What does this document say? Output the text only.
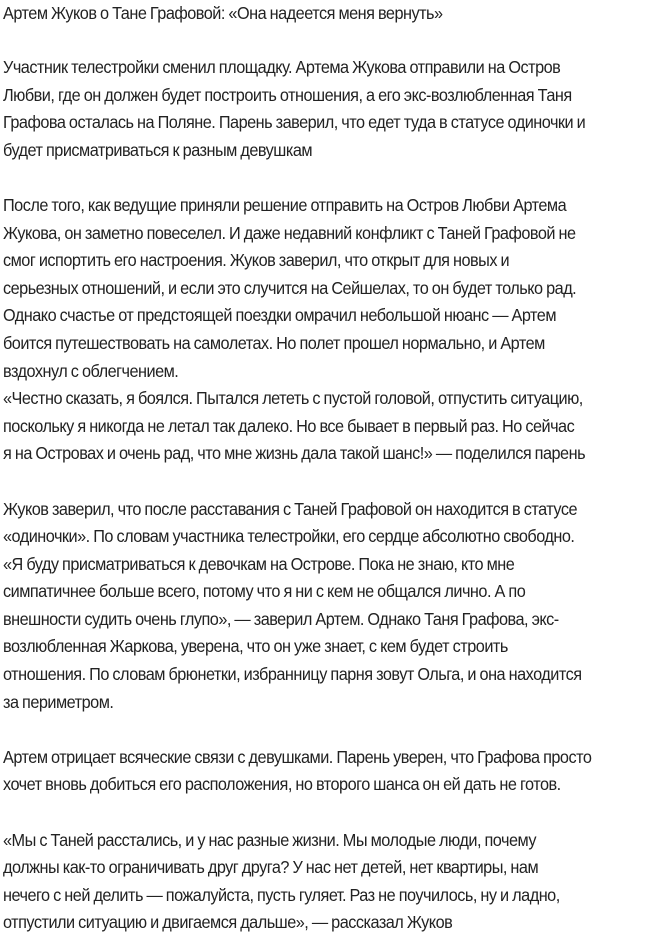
Артем Жуков о Тане Графовой: «Она надеется меня вернуть»

Участник телестройки сменил площадку. Артема Жукова отправили на Остров

Любви, где он должен будет построить отношения, а его экс-возлюбленная Таня

Графова осталась на Поляне. Парень заверил, что едет туда в статусе одиночки и

будет присматриваться к разным девушкам

После того, как ведущие приняли решение отправить на Остров Любви Артема

Жукова, он заметно повеселел. И даже недавний конфликт с Таней Графовой не

смог испортить его настроения. Жуков заверил, что открыт для новых и

серьезных отношений, и если это случится на Сейшелах, то он будет только рад.

Однако счастье от предстоящей поездки омрачил небольшой нюанс — Артем

боится путешествовать на самолетах. Но полет прошел нормально, и Артем

вздохнул с облегчением.

«Честно сказать, я боялся. Пытался лететь с пустой головой, отпустить ситуацию,

поскольку я никогда не летал так далеко. Но все бывает в первый раз. Но сейчас

я на Островах и очень рад, что мне жизнь дала такой шанс!» — поделился парень

Жуков заверил, что после расставания с Таней Графовой он находится в статусе

«одиночки». По словам участника телестройки, его сердце абсолютно свободно.

«Я буду присматриваться к девочкам на Острове. Пока не знаю, кто мне

симпатичнее больше всего, потому что я ни с кем не общался лично. А по

внешности судить очень глупо», — заверил Артем. Однако Таня Графова, экс-

возлюбленная Жаркова, уверена, что он уже знает, с кем будет строить

отношения. По словам брюнетки, избранницу парня зовут Ольга, и она находится

за периметром.

Артем отрицает всяческие связи с девушками. Парень уверен, что Графова просто

хочет вновь добиться его расположения, но второго шанса он ей дать не готов.

«Мы с Таней расстались, и у нас разные жизни. Мы молодые люди, почему

должны как-то ограничивать друг друга? У нас нет детей, нет квартиры, нам

нечего с ней делить — пожалуйста, пусть гуляет. Раз не поучилось, ну и ладно,

отпустили ситуацию и двигаемся дальше», — рассказал Жуков
